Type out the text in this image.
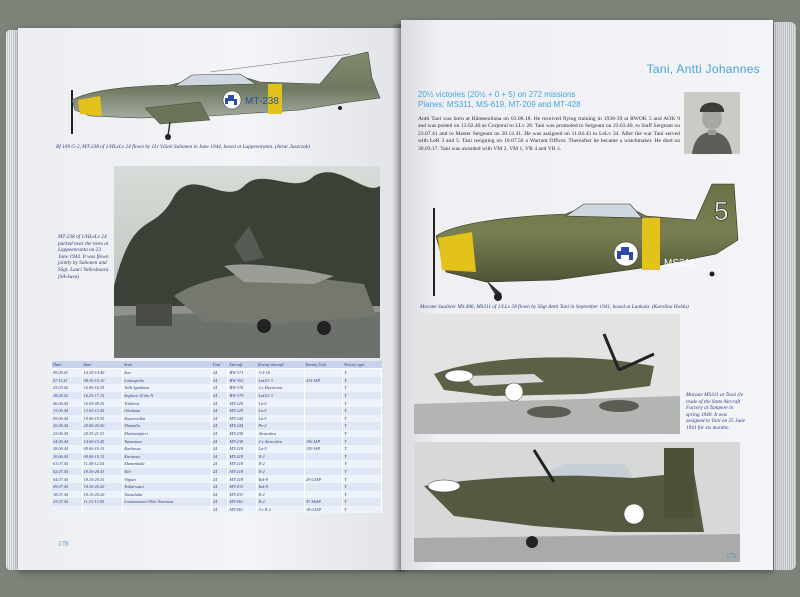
MT-238
Bf 109 G-2, MT-238 of 1/HLeLv 24 flown by 1Lt Väinö Suhonen in June 1944, based at Lappeenranta. (Artur Juszczak)
MT-238 of 1/HLeLv 24 parked near the trees at Lappeenranta on 23 June 1944. It was flown jointly by Suhonen and SSgt. Lauri Vallesbaara. (SA-kuva)
Date	Time	Area	Unit	Aircraft	Enemy aircraft	Enemy Unit	Victory type
09.09.41	14.30-14.40	Suo	24	BW-371	½ I-16		T
07.11.41	08.30-10.10	Lotinapelto	24	BW-392	LaGG-3	415 IAP	T
25.03.42	16.00-16.35	Valli Iganbasa	24	BW-376	2 x Hurricane		T
18.04.42	16.25-17.15	Seglova 10 km N	24	BW-379	LaGG-3		T
06.06.44	16.05-09.25	Tiitikova	24	MT-229	La-5		T
13.06.44	13.05-13.45	Ohaluma	24	MT-229	La-5		T
09.06.44	19.00-19.55	Kuuterselkä	24	MT-244	La-5		T
20.06.44	20.00-20.50	Mamalla	24	MT-244	Pe-2		T
23.06.44	20.35-21.53	Muolaanjärvi	24	MT-238	Airacobra		T
24.06.44	14.00-15.45	Tammisuo	24	MT-238	2 x Airacobra	196 IAP	T
28.06.44	09.00-10.15	Karhusuo	24	MT-218	La-5	159 IAP	T
30.06.44	09.00-10.15	Karinsuo	24	MT-218	Il-2		T
01.07.44	11.40-12.54	Mamenkala	24	MT-218	Il-2		V
02.07.44	19.30-20.43	Tali	24	MT-218	Il-2		T
04.07.44	18.15-20.35	Viipuri	24	MT-218	Yak-9	29 GIAP	T
09.07.44	18.30-20.20	Teikarsaari	24	MT-433	Yak-9		T
18.07.44	18.10-20.20	Vaasalahti	24	MT-433	Il-2		T
23.07.44	11.15-13.05	Lonanmaara-Ollis-Taoenisa	24	MT-461	Il-2	47 ShAP	T
			24	MT-461	3 x Il-2	18 GIAP	T
178
Tani, Antti Johannes
20½ victories (20½ + 0 + 5) on 272 missions
Planes: MS311, MS-619, MT-209 and MT-428
Antti Tani was born at Hämeenlinna on 03.08.18. He received flying training in 1938-39 at RWOK 5 and AOK 9 and was posted on 13.02.40 as Corporal to LLv 28. Tani was promoted to Sergeant on 23.03.40, to Staff Sergeant on 23.07.41 and to Master Sergeant on 20.12.41. He was assigned on 11.04.43 to LeLv 34. After the war Tani served with LeR 3 and 5. Tani resigning on 10.07.56 a Warrant Officer. Thereafter he became a watchmaker. He died on 30.03.17. Tani was awarded with VM 2, VM 1, VR 4 and VR 3.
MS311
5
Morane Saulnier MS.406, MS311 of 1/LLv 28 flown by SSgt Antti Tani in September 1941, based at Lunkula. (Karolina Holda)
Morane MS311 at Tossi (le trade of the State Aircraft Factory at Tampere in spring 1940. It was assigned to Tani on 25 June 1941 for six months.
179
